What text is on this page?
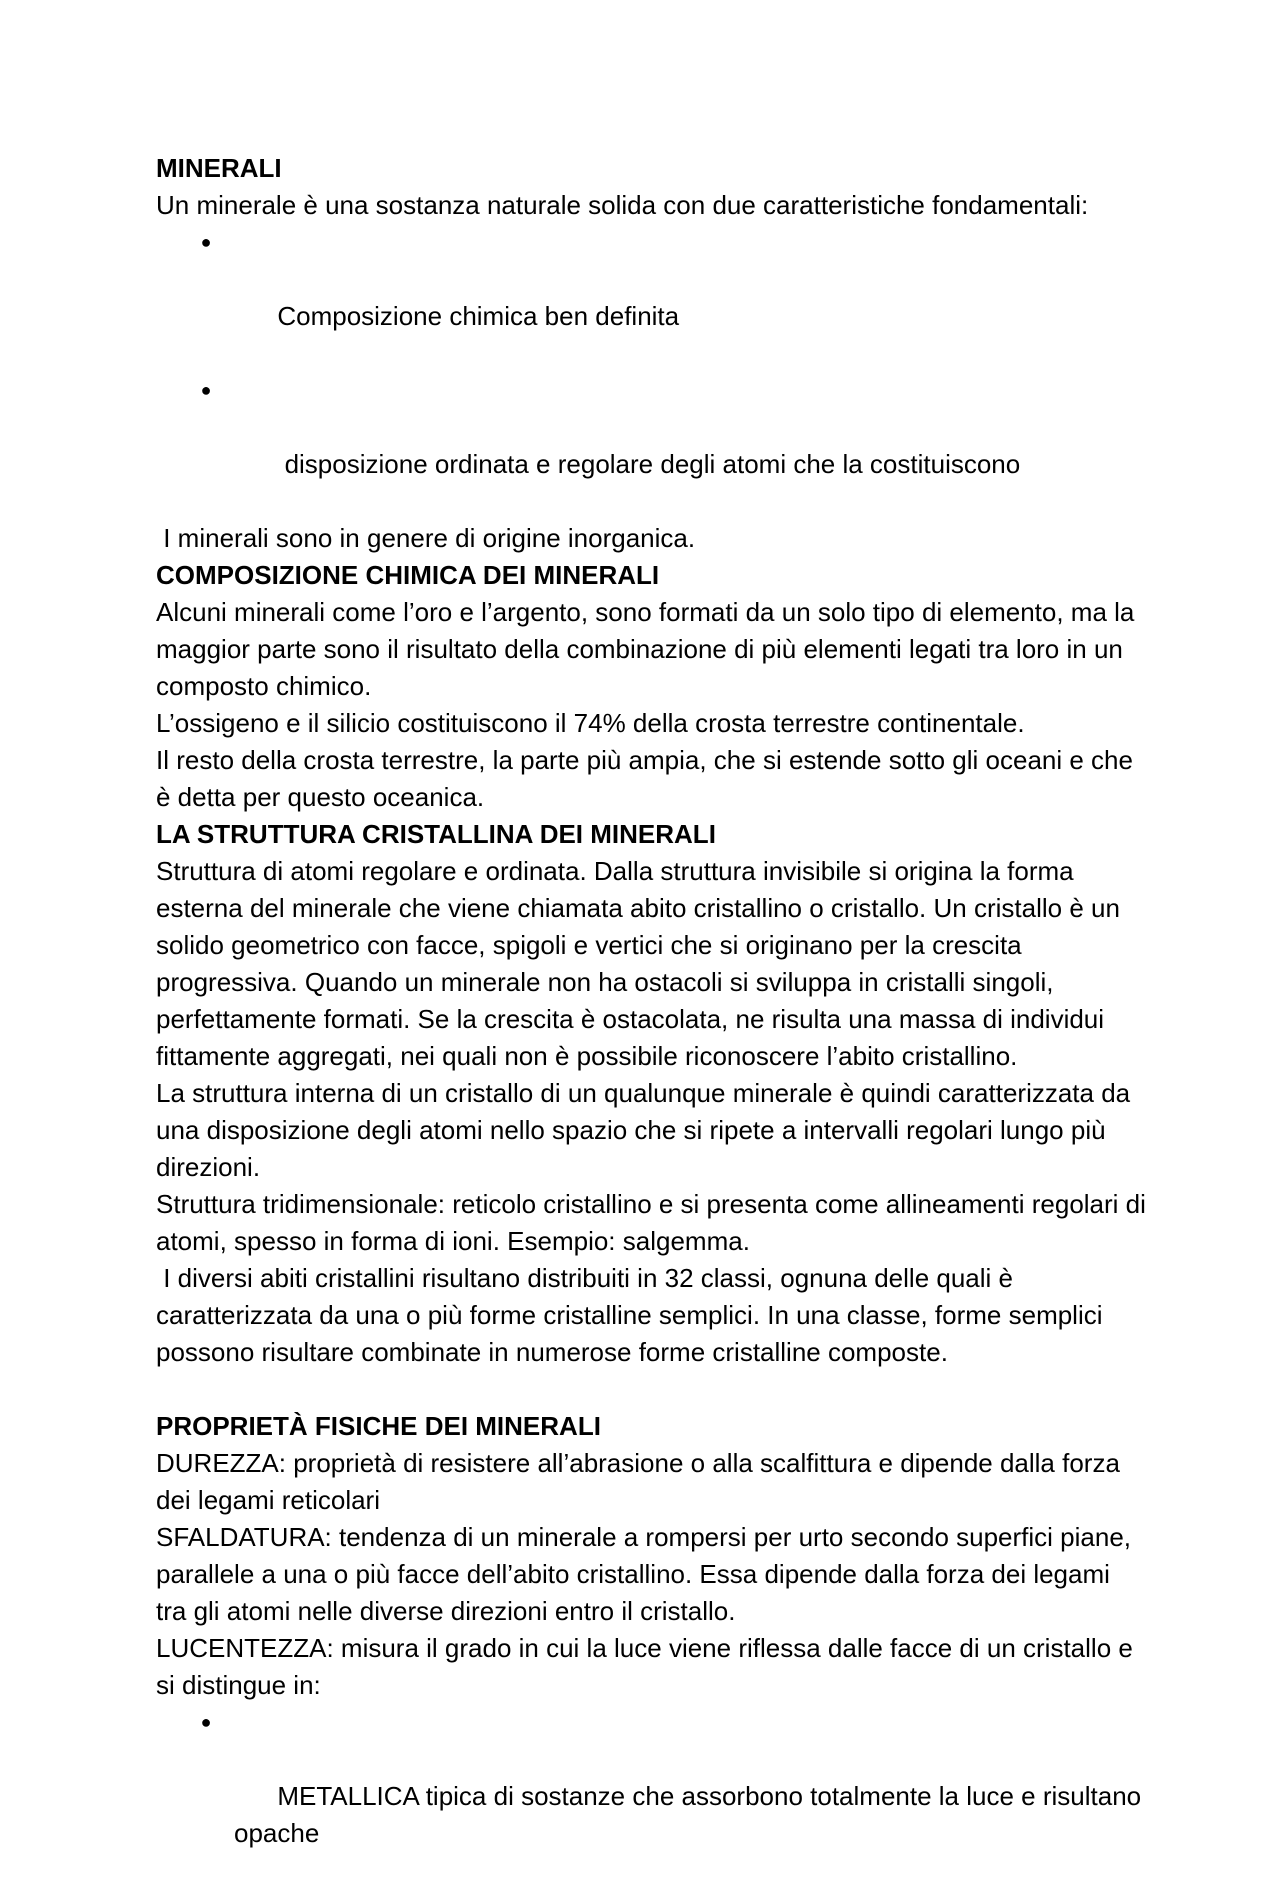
MINERALI

Un minerale è una sostanza naturale solida con due caratteristiche fondamentali:

●

Composizione chimica ben definita

●

disposizione ordinata e regolare degli atomi che la costituiscono

I minerali sono in genere di origine inorganica.

COMPOSIZIONE CHIMICA DEI MINERALI

Alcuni minerali come l’oro e l’argento, sono formati da un solo tipo di elemento, ma la maggior parte sono il risultato della combinazione di più elementi legati tra loro in un composto chimico.

L’ossigeno e il silicio costituiscono il 74% della crosta terrestre continentale.

Il resto della crosta terrestre, la parte più ampia, che si estende sotto gli oceani e che è detta per questo oceanica.

LA STRUTTURA CRISTALLINA DEI MINERALI

Struttura di atomi regolare e ordinata. Dalla struttura invisibile si origina la forma esterna del minerale che viene chiamata abito cristallino o cristallo. Un cristallo è un solido geometrico con facce, spigoli e vertici che si originano per la crescita progressiva. Quando un minerale non ha ostacoli si sviluppa in cristalli singoli, perfettamente formati. Se la crescita è ostacolata, ne risulta una massa di individui fittamente aggregati, nei quali non è possibile riconoscere l’abito cristallino.

La struttura interna di un cristallo di un qualunque minerale è quindi caratterizzata da una disposizione degli atomi nello spazio che si ripete a intervalli regolari lungo più direzioni.

Struttura tridimensionale: reticolo cristallino e si presenta come allineamenti regolari di atomi, spesso in forma di ioni. Esempio: salgemma.

I diversi abiti cristallini risultano distribuiti in 32 classi, ognuna delle quali è caratterizzata da una o più forme cristalline semplici. In una classe, forme semplici possono risultare combinate in numerose forme cristalline composte.

PROPRIETÀ FISICHE DEI MINERALI

DUREZZA: proprietà di resistere all’abrasione o alla scalfittura e dipende dalla forza dei legami reticolari

SFALDATURA: tendenza di un minerale a rompersi per urto secondo superfici piane, parallele a una o più facce dell’abito cristallino. Essa dipende dalla forza dei legami tra gli atomi nelle diverse direzioni entro il cristallo.

LUCENTEZZA: misura il grado in cui la luce viene riflessa dalle facce di un cristallo e si distingue in:

●

METALLICA tipica di sostanze che assorbono totalmente la luce e risultano opache
